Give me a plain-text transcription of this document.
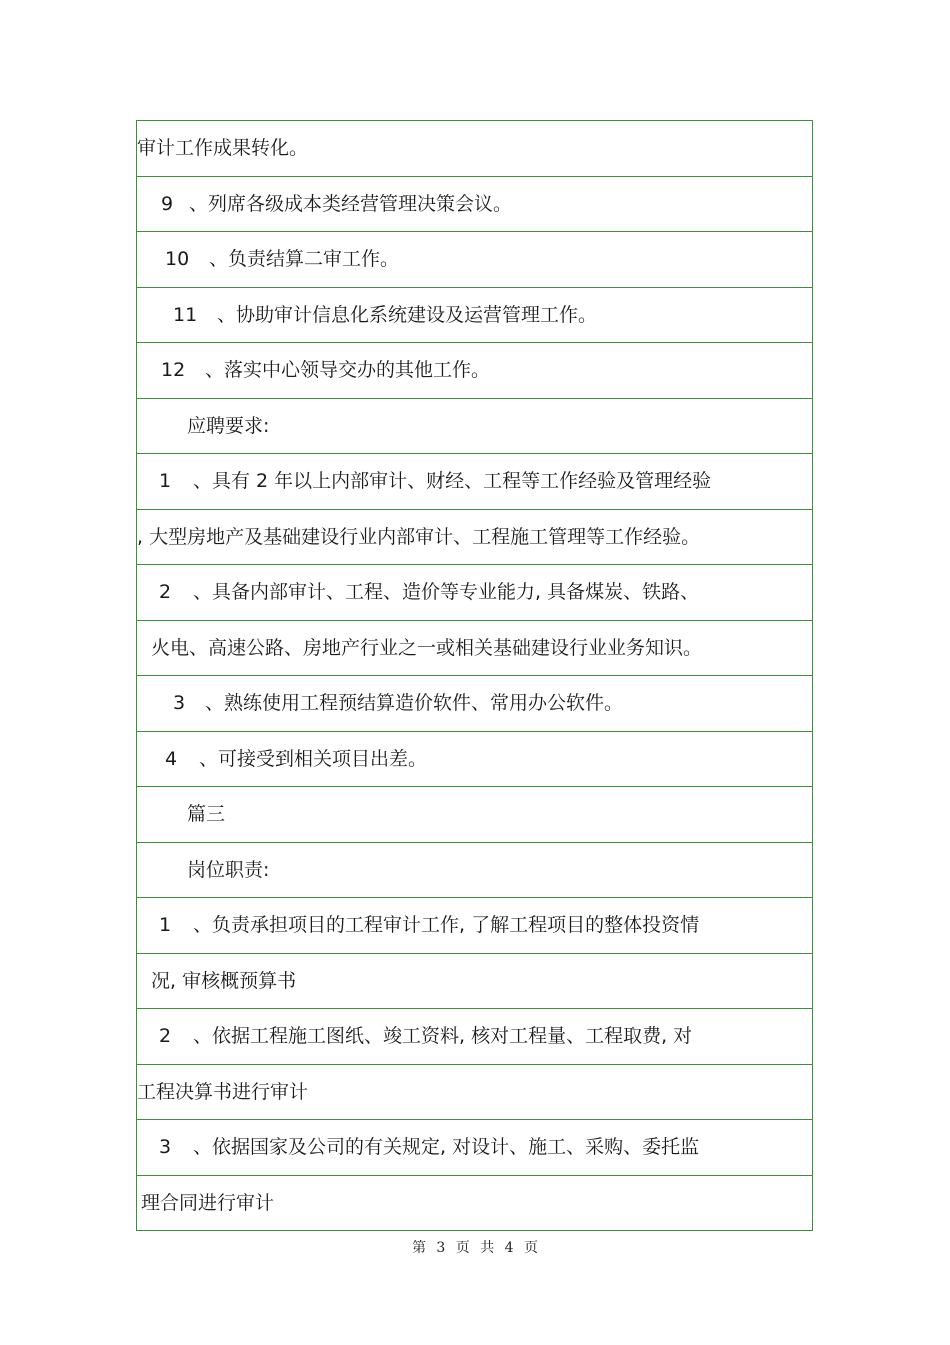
审计工作成果转化。
9 、列席各级成本类经营管理决策会议。
10 、负责结算二审工作。
11 、协助审计信息化系统建设及运营管理工作。
12 、落实中心领导交办的其他工作。
应聘要求:
1 、具有 2 年以上内部审计、财经、工程等工作经验及管理经验
, 大型房地产及基础建设行业内部审计、工程施工管理等工作经验。
2 、具备内部审计、工程、造价等专业能力, 具备煤炭、铁路、
火电、高速公路、房地产行业之一或相关基础建设行业业务知识。
3 、熟练使用工程预结算造价软件、常用办公软件。
4 、可接受到相关项目出差。
篇三
岗位职责:
1 、负责承担项目的工程审计工作, 了解工程项目的整体投资情
况, 审核概预算书
2 、依据工程施工图纸、竣工资料, 核对工程量、工程取费, 对
工程决算书进行审计
3 、依据国家及公司的有关规定, 对设计、施工、采购、委托监
理合同进行审计
第 3 页 共 4 页
